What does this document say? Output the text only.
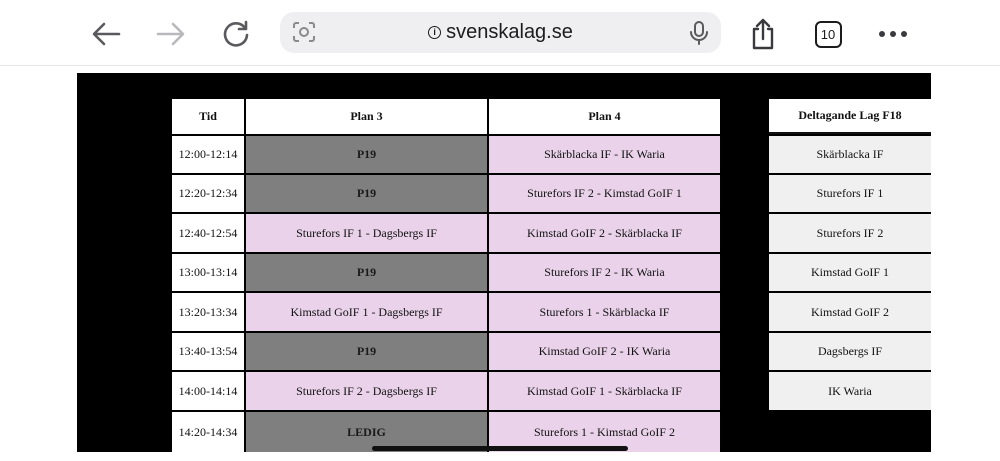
i svenskalag.se	10
Tid	Plan 3	Plan 4	Deltagande Lag F18
12:00-12:14	P19	Skärblacka IF - IK Waria	Skärblacka IF
12:20-12:34	P19	Sturefors IF 2 - Kimstad GoIF 1	Sturefors IF 1
12:40-12:54	Sturefors IF 1 - Dagsbergs IF	Kimstad GoIF 2 - Skärblacka IF	Sturefors IF 2
13:00-13:14	P19	Sturefors IF 2 - IK Waria	Kimstad GoIF 1
13:20-13:34	Kimstad GoIF 1 - Dagsbergs IF	Sturefors 1 - Skärblacka IF	Kimstad GoIF 2
13:40-13:54	P19	Kimstad GoIF 2 - IK Waria	Dagsbergs IF
14:00-14:14	Sturefors IF 2 - Dagsbergs IF	Kimstad GoIF 1 - Skärblacka IF	IK Waria
14:20-14:34	LEDIG	Sturefors 1 - Kimstad GoIF 2
